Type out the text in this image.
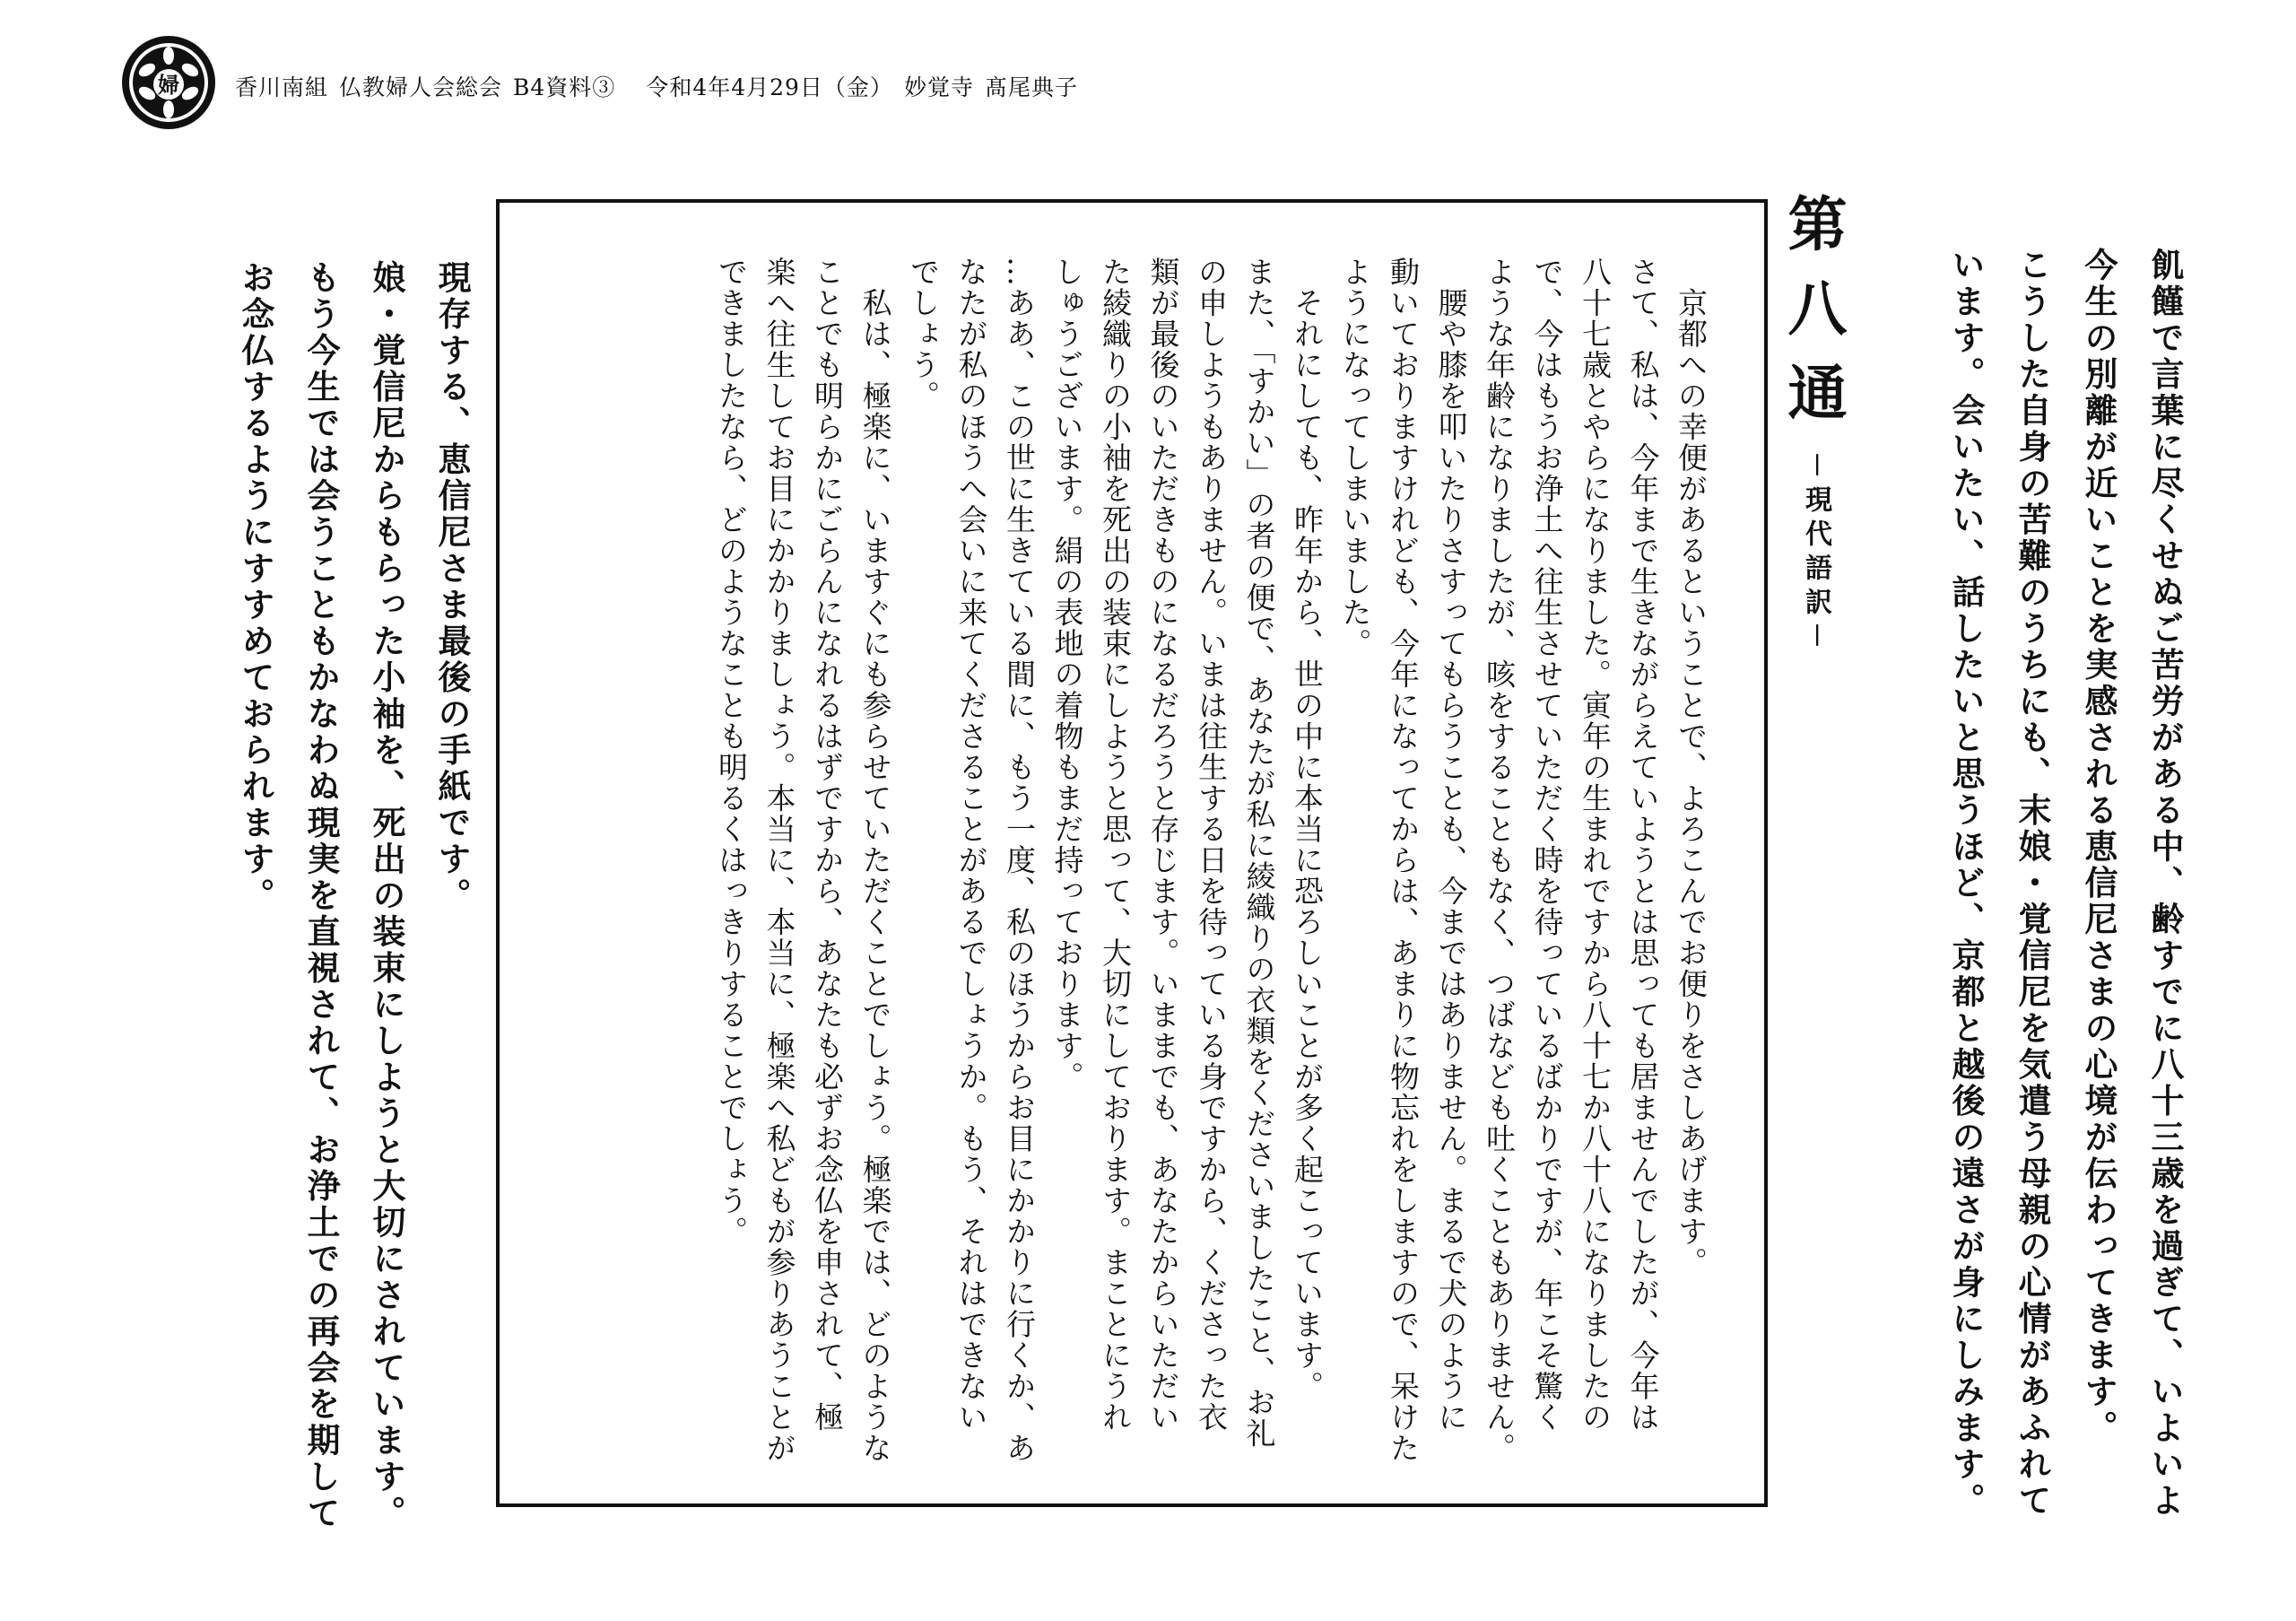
婦 香川南組 仏教婦人会総会 B4資料③ 令和4年4月29日（金） 妙覚寺 髙尾典子

飢饉で言葉に尽くせぬご苦労がある中、齢すでに八十三歳を過ぎて、いよいよ

今生の別離が近いことを実感される恵信尼さまの心境が伝わってきます。

こうした自身の苦難のうちにも、末娘・覚信尼を気遣う母親の心情があふれて

います。会いたい、話したいと思うほど、京都と越後の遠さが身にしみます。

第八通
－現代語訳－

　京都への幸便があるということで、よろこんでお便りをさしあげます。

さて、私は、今年まで生きながらえていようとは思っても居ませんでしたが、今年は

八十七歳とやらになりました。寅年の生まれですから八十七か八十八になりましたの

で、今はもうお浄土へ往生させていただく時を待っているばかりですが、年こそ驚く

ような年齢になりましたが、咳をすることもなく、つばなども吐くこともありません。

　腰や膝を叩いたりさすってもらうことも、今まではありません。まるで犬のように

動いておりますけれども、今年になってからは、あまりに物忘れをしますので、呆けた

ようになってしまいました。

　それにしても、昨年から、世の中に本当に恐ろしいことが多く起こっています。

また、「すかい」の者の便で、あなたが私に綾織りの衣類をくださいましたこと、お礼

の申しようもありません。いまは往生する日を待っている身ですから、くださった衣

類が最後のいただきものになるだろうと存じます。いままでも、あなたからいただい

た綾織りの小袖を死出の装束にしようと思って、大切にしております。まことにうれ

しゅうございます。絹の表地の着物もまだ持っております。

…ああ、この世に生きている間に、もう一度、私のほうからお目にかかりに行くか、あ

なたが私のほうへ会いに来てくださることがあるでしょうか。もう、それはできない

でしょう。

　私は、極楽に、いますぐにも参らせていただくことでしょう。極楽では、どのような

ことでも明らかにごらんになれるはずですから、あなたも必ずお念仏を申されて、極

楽へ往生してお目にかかりましょう。本当に、本当に、極楽へ私どもが参りあうことが

できましたなら、どのようなことも明るくはっきりすることでしょう。

現存する、恵信尼さま最後の手紙です。

娘・覚信尼からもらった小袖を、死出の装束にしようと大切にされています。

もう今生では会うこともかなわぬ現実を直視されて、お浄土での再会を期して

お念仏するようにすすめておられます。
